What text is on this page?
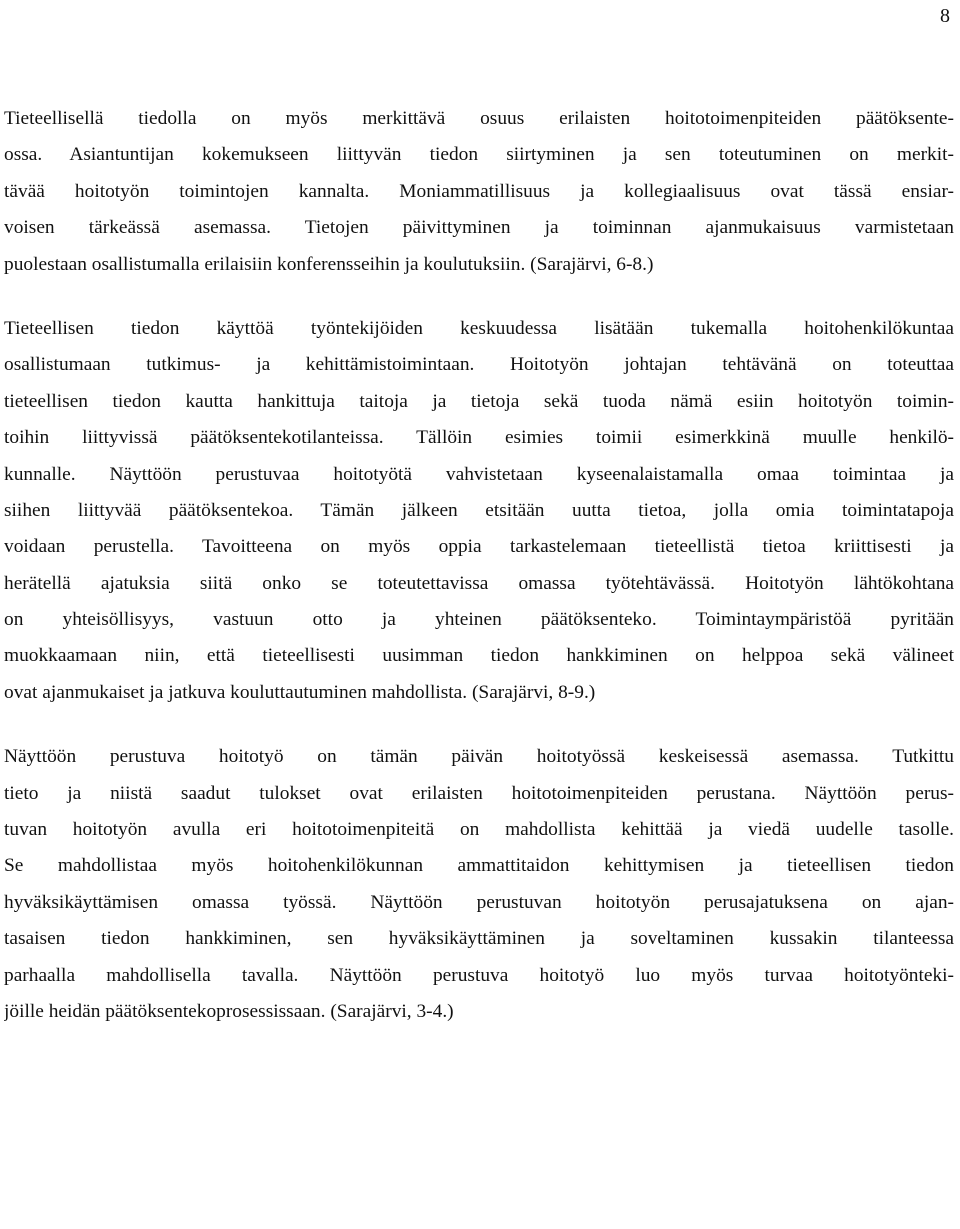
8
Tieteellisellä tiedolla on myös merkittävä osuus erilaisten hoitotoimenpiteiden päätöksente-
ossa. Asiantuntijan kokemukseen liittyvän tiedon siirtyminen ja sen toteutuminen on merkit-
tävää hoitotyön toimintojen kannalta. Moniammatillisuus ja kollegiaalisuus ovat tässä ensiar-
voisen tärkeässä asemassa. Tietojen päivittyminen ja toiminnan ajanmukaisuus varmistetaan
puolestaan osallistumalla erilaisiin konferensseihin ja koulutuksiin. (Sarajärvi, 6-8.)
Tieteellisen tiedon käyttöä työntekijöiden keskuudessa lisätään tukemalla hoitohenkilökuntaa
osallistumaan tutkimus- ja kehittämistoimintaan. Hoitotyön johtajan tehtävänä on toteuttaa
tieteellisen tiedon kautta hankittuja taitoja ja tietoja sekä tuoda nämä esiin hoitotyön toimin-
toihin liittyvissä päätöksentekotilanteissa. Tällöin esimies toimii esimerkkinä muulle henkilö-
kunnalle. Näyttöön perustuvaa hoitotyötä vahvistetaan kyseenalaistamalla omaa toimintaa ja
siihen liittyvää päätöksentekoa. Tämän jälkeen etsitään uutta tietoa, jolla omia toimintatapoja
voidaan perustella. Tavoitteena on myös oppia tarkastelemaan tieteellistä tietoa kriittisesti ja
herätellä ajatuksia siitä onko se toteutettavissa omassa työtehtävässä. Hoitotyön lähtökohtana
on yhteisöllisyys, vastuun otto ja yhteinen päätöksenteko. Toimintaympäristöä pyritään
muokkaamaan niin, että tieteellisesti uusimman tiedon hankkiminen on helppoa sekä välineet
ovat ajanmukaiset ja jatkuva kouluttautuminen mahdollista. (Sarajärvi, 8-9.)
Näyttöön perustuva hoitotyö on tämän päivän hoitotyössä keskeisessä asemassa. Tutkittu
tieto ja niistä saadut tulokset ovat erilaisten hoitotoimenpiteiden perustana. Näyttöön perus-
tuvan hoitotyön avulla eri hoitotoimenpiteitä on mahdollista kehittää ja viedä uudelle tasolle.
Se mahdollistaa myös hoitohenkilökunnan ammattitaidon kehittymisen ja tieteellisen tiedon
hyväksikäyttämisen omassa työssä. Näyttöön perustuvan hoitotyön perusajatuksena on ajan-
tasaisen tiedon hankkiminen, sen hyväksikäyttäminen ja soveltaminen kussakin tilanteessa
parhaalla mahdollisella tavalla. Näyttöön perustuva hoitotyö luo myös turvaa hoitotyönteki-
jöille heidän päätöksentekoprosessissaan. (Sarajärvi, 3-4.)
